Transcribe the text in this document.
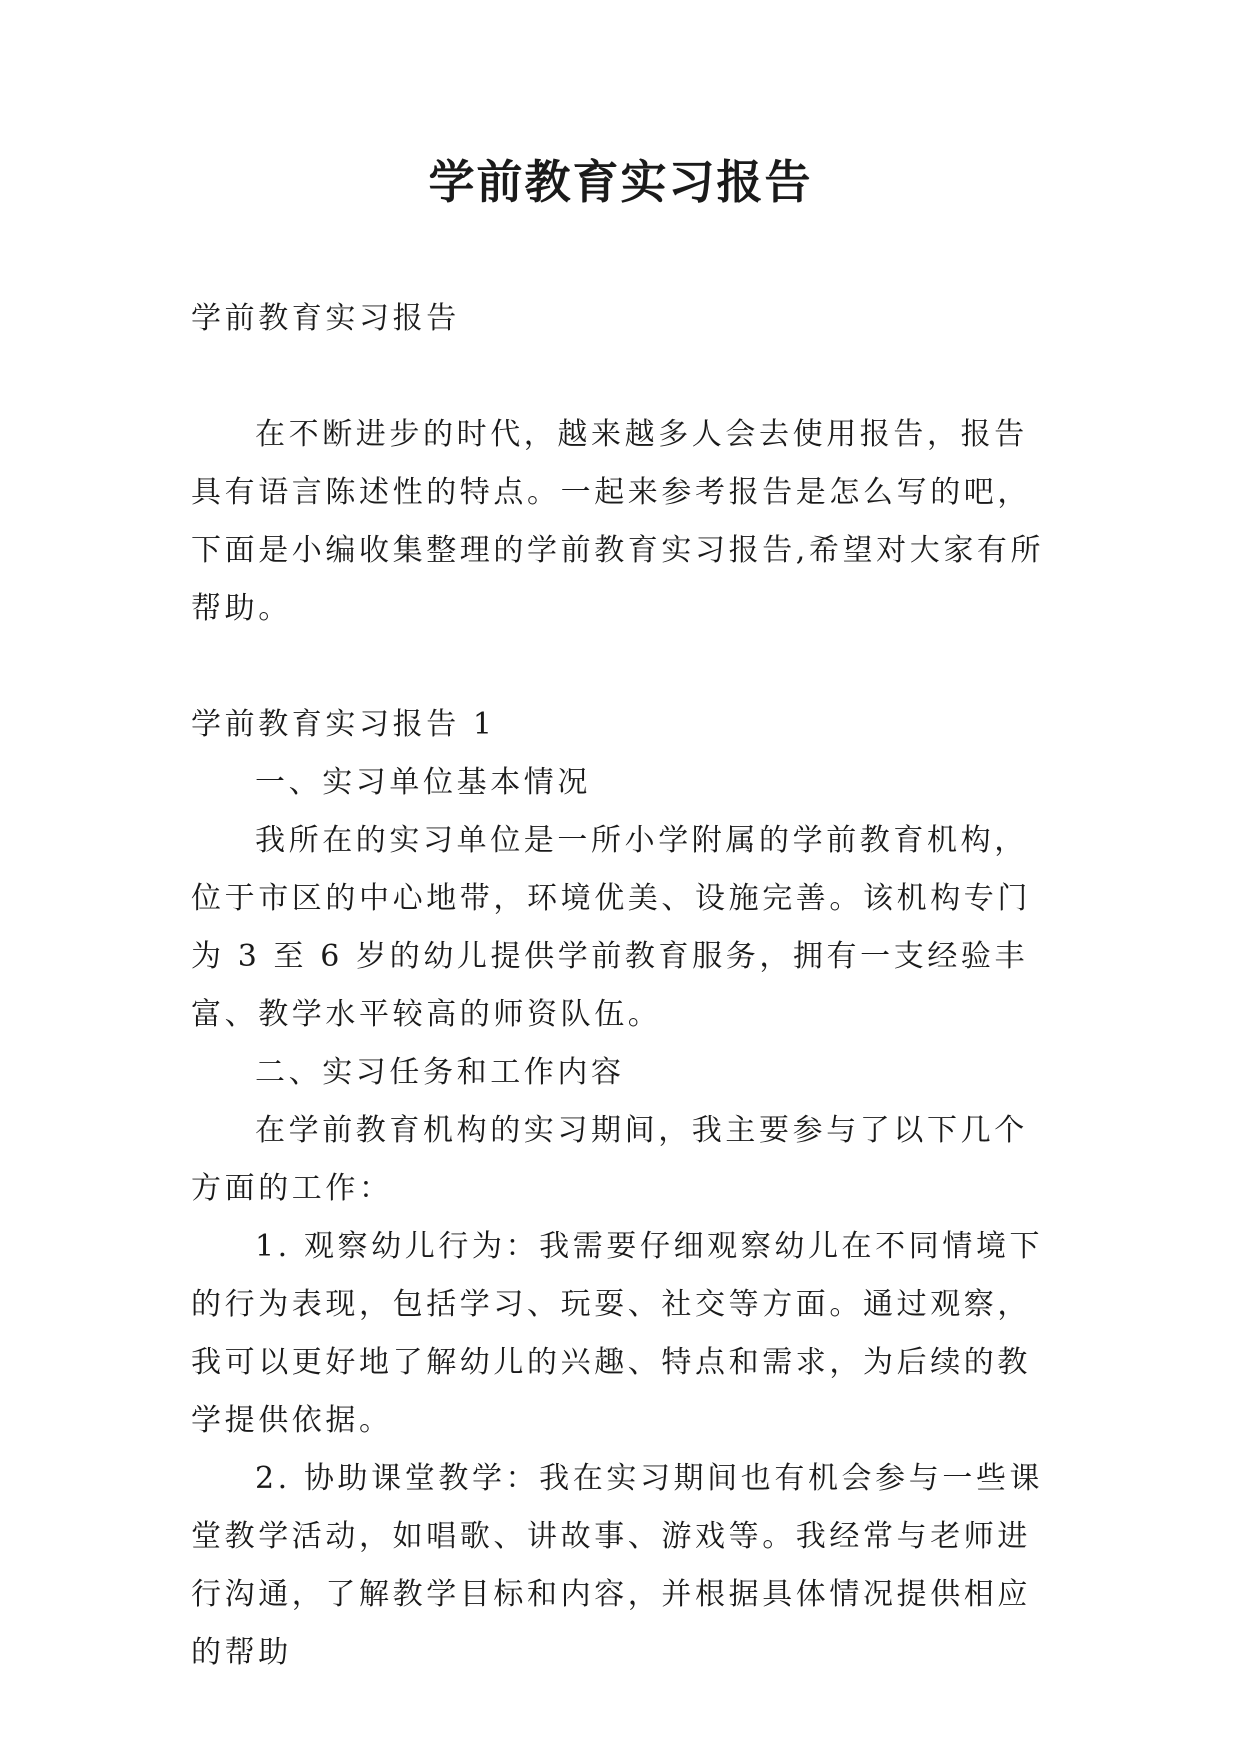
学前教育实习报告

学前教育实习报告

在不断进步的时代，越来越多人会去使用报告，报告具有语言陈述性的特点。一起来参考报告是怎么写的吧，下面是小编收集整理的学前教育实习报告,希望对大家有所帮助。

学前教育实习报告 1

一、实习单位基本情况

我所在的实习单位是一所小学附属的学前教育机构，位于市区的中心地带，环境优美、设施完善。该机构专门为 3 至 6 岁的幼儿提供学前教育服务，拥有一支经验丰富、教学水平较高的师资队伍。

二、实习任务和工作内容

在学前教育机构的实习期间，我主要参与了以下几个方面的工作：

1. 观察幼儿行为：我需要仔细观察幼儿在不同情境下的行为表现，包括学习、玩耍、社交等方面。通过观察，我可以更好地了解幼儿的兴趣、特点和需求，为后续的教学提供依据。

2. 协助课堂教学：我在实习期间也有机会参与一些课堂教学活动，如唱歌、讲故事、游戏等。我经常与老师进行沟通，了解教学目标和内容，并根据具体情况提供相应的帮助
